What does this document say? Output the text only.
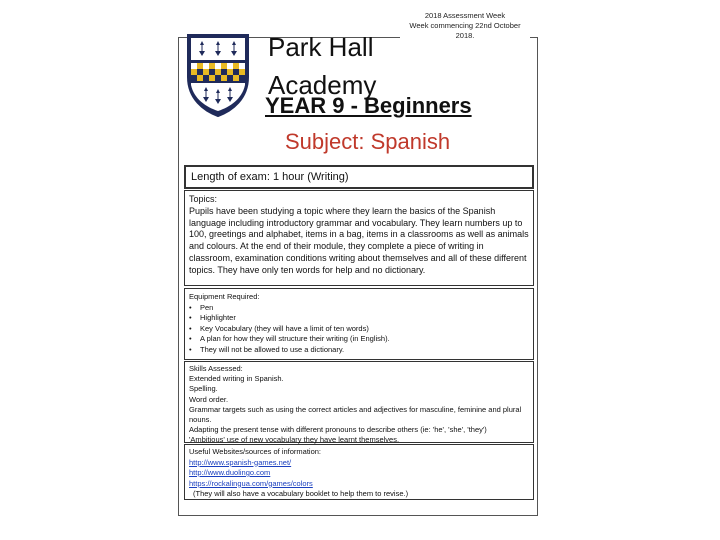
2018 Assessment Week
Week commencing 22nd October 2018.
Park Hall
Academy
YEAR 9 - Beginners
Subject: Spanish
Length of exam: 1 hour (Writing)

Topics:

Pupils have been studying a topic where they learn the basics of the Spanish language including introductory grammar and vocabulary. They learn numbers up to 100, greetings and alphabet, items in a bag, items in a classrooms as well as animals and colours. At the end of their module, they complete a piece of writing in classroom, examination conditions writing about themselves and all of these different topics. They have only ten words for help and no dictionary.

Equipment Required:

• Pen
• Highlighter
• Key Vocabulary (they will have a limit of ten words)
• A plan for how they will structure their writing (in English).
• They will not be allowed to use a dictionary.

Skills Assessed:

Extended writing in Spanish.

Spelling.

Word order.

Grammar targets such as using the correct articles and adjectives for masculine, feminine and plural nouns.

Adapting the present tense with different pronouns to describe others (ie: 'he', 'she', 'they')

'Ambitious' use of new vocabulary they have learnt themselves.

Useful Websites/sources of information:

http://www.spanish-games.net/
http://www.duolingo.com
https://rockalingua.com/games/colors
(They will also have a vocabulary booklet to help them to revise.)
